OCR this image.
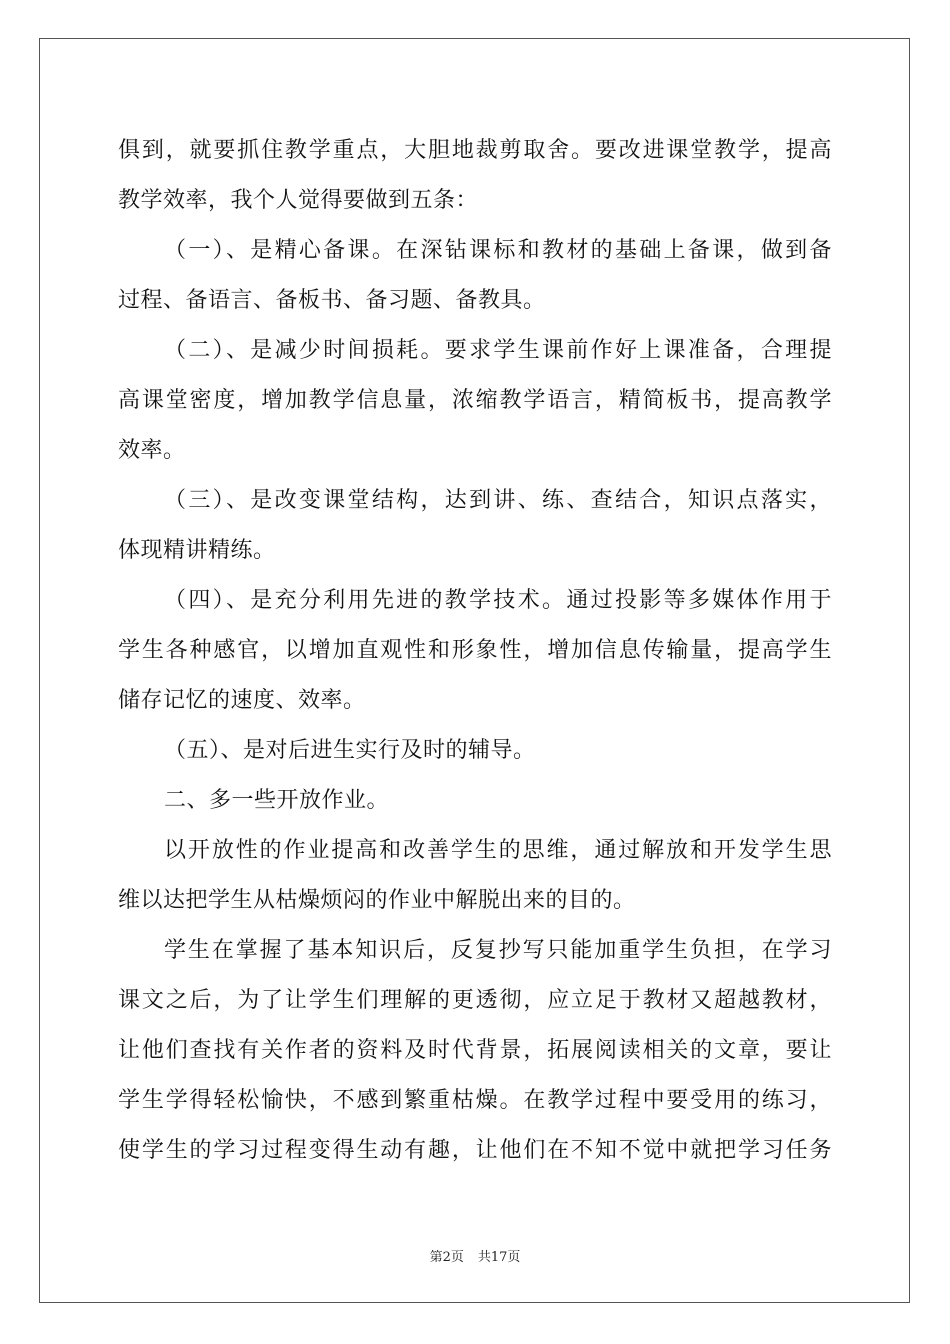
俱到，就要抓住教学重点，大胆地裁剪取舍。要改进课堂教学，提高
教学效率，我个人觉得要做到五条：
（一）、是精心备课。在深钻课标和教材的基础上备课，做到备
过程、备语言、备板书、备习题、备教具。
（二）、是减少时间损耗。要求学生课前作好上课准备，合理提
高课堂密度，增加教学信息量，浓缩教学语言，精简板书，提高教学
效率。
（三）、是改变课堂结构，达到讲、练、查结合，知识点落实，
体现精讲精练。
（四）、是充分利用先进的教学技术。通过投影等多媒体作用于
学生各种感官，以增加直观性和形象性，增加信息传输量，提高学生
储存记忆的速度、效率。
（五）、是对后进生实行及时的辅导。
二、多一些开放作业。
以开放性的作业提高和改善学生的思维，通过解放和开发学生思
维以达把学生从枯燥烦闷的作业中解脱出来的目的。
学生在掌握了基本知识后，反复抄写只能加重学生负担，在学习
课文之后，为了让学生们理解的更透彻，应立足于教材又超越教材，
让他们查找有关作者的资料及时代背景，拓展阅读相关的文章，要让
学生学得轻松愉快，不感到繁重枯燥。在教学过程中要受用的练习，
使学生的学习过程变得生动有趣，让他们在不知不觉中就把学习任务
第2页 共17页
